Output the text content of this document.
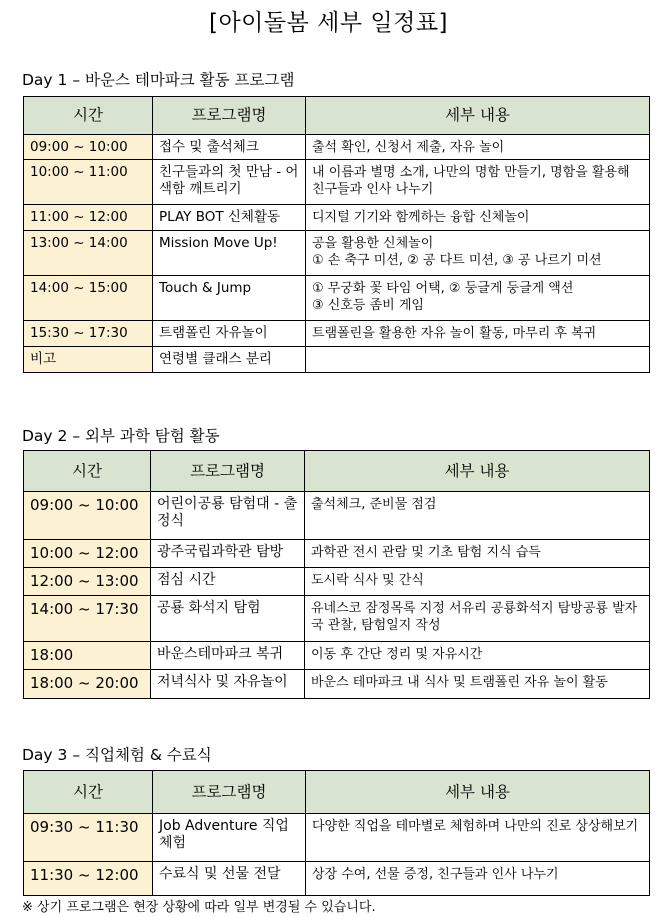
[아이돌봄 세부 일정표]
Day 1 – 바운스 테마파크 활동 프로그램
시간	프로그램명	세부 내용
09:00 ~ 10:00	접수 및 출석체크	출석 확인, 신청서 제출, 자유 놀이

10:00 ~ 11:00	친구들과의 첫 만남 - 어색함 깨트리기	내 이름과 별명 소개, 나만의 명함 만들기, 명함을 활용해 친구들과 인사 나누기

11:00 ~ 12:00	PLAY BOT 신체활동	디지털 기기와 함께하는 융합 신체놀이

13:00 ~ 14:00	Mission Move Up!	공을 활용한 신체놀이
① 손 축구 미션, ② 공 다트 미션, ③ 공 나르기 미션

14:00 ~ 15:00	Touch & Jump	① 무궁화 꽃 타임 어택, ② 둥글게 둥글게 액션
③ 신호등 좀비 게임

15:30 ~ 17:30	트램폴린 자유놀이	트램폴린을 활용한 자유 놀이 활동, 마무리 후 복귀

비고	연령별 클래스 분리	
Day 2 – 외부 과학 탐험 활동
시간	프로그램명	세부 내용
09:00 ~ 10:00	어린이공룡 탐험대 - 출정식	출석체크, 준비물 점검

10:00 ~ 12:00	광주국립과학관 탐방	과학관 전시 관람 및 기초 탐험 지식 습득

12:00 ~ 13:00	점심 시간	도시락 식사 및 간식

14:00 ~ 17:30	공룡 화석지 탐험	유네스코 잠정목록 지정 서유리 공룡화석지 탐방공룡 발자국 관찰, 탐험일지 작성

18:00	바운스테마파크 복귀	이동 후 간단 정리 및 자유시간

18:00 ~ 20:00	저녁식사 및 자유놀이	바운스 테마파크 내 식사 및 트램폴린 자유 놀이 활동
Day 3 – 직업체험 & 수료식
시간	프로그램명	세부 내용
09:30 ~ 11:30	Job Adventure 직업체험	다양한 직업을 테마별로 체험하며 나만의 진로 상상해보기

11:30 ~ 12:00	수료식 및 선물 전달	상장 수여, 선물 증정, 친구들과 인사 나누기
※ 상기 프로그램은 현장 상황에 따라 일부 변경될 수 있습니다.
